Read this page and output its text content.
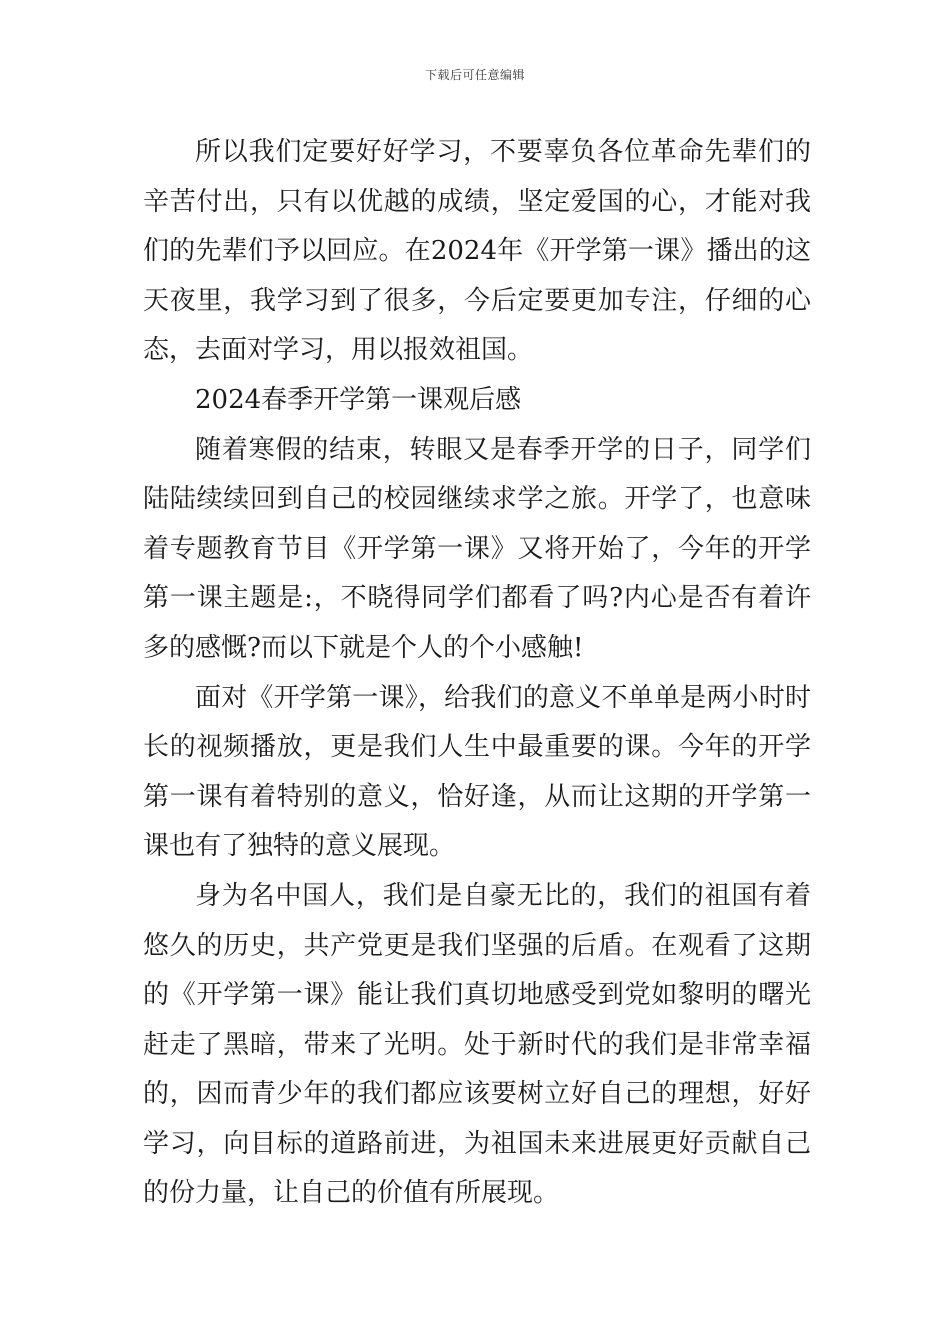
下载后可任意编辑

所以我们定要好好学习，不要辜负各位革命先辈们的辛苦付出，只有以优越的成绩，坚定爱国的心，才能对我们的先辈们予以回应。在2024年《开学第一课》播出的这天夜里，我学习到了很多，今后定要更加专注，仔细的心态，去面对学习，用以报效祖国。

2024春季开学第一课观后感

随着寒假的结束，转眼又是春季开学的日子，同学们陆陆续续回到自己的校园继续求学之旅。开学了，也意味着专题教育节目《开学第一课》又将开始了，今年的开学第一课主题是:，不晓得同学们都看了吗?内心是否有着许多的感慨?而以下就是个人的个小感触!

面对《开学第一课》，给我们的意义不单单是两小时时长的视频播放，更是我们人生中最重要的课。今年的开学第一课有着特别的意义，恰好逢，从而让这期的开学第一课也有了独特的意义展现。

身为名中国人，我们是自豪无比的，我们的祖国有着悠久的历史，共产党更是我们坚强的后盾。在观看了这期的《开学第一课》能让我们真切地感受到党如黎明的曙光赶走了黑暗，带来了光明。处于新时代的我们是非常幸福的，因而青少年的我们都应该要树立好自己的理想，好好学习，向目标的道路前进，为祖国未来进展更好贡献自己的份力量，让自己的价值有所展现。
